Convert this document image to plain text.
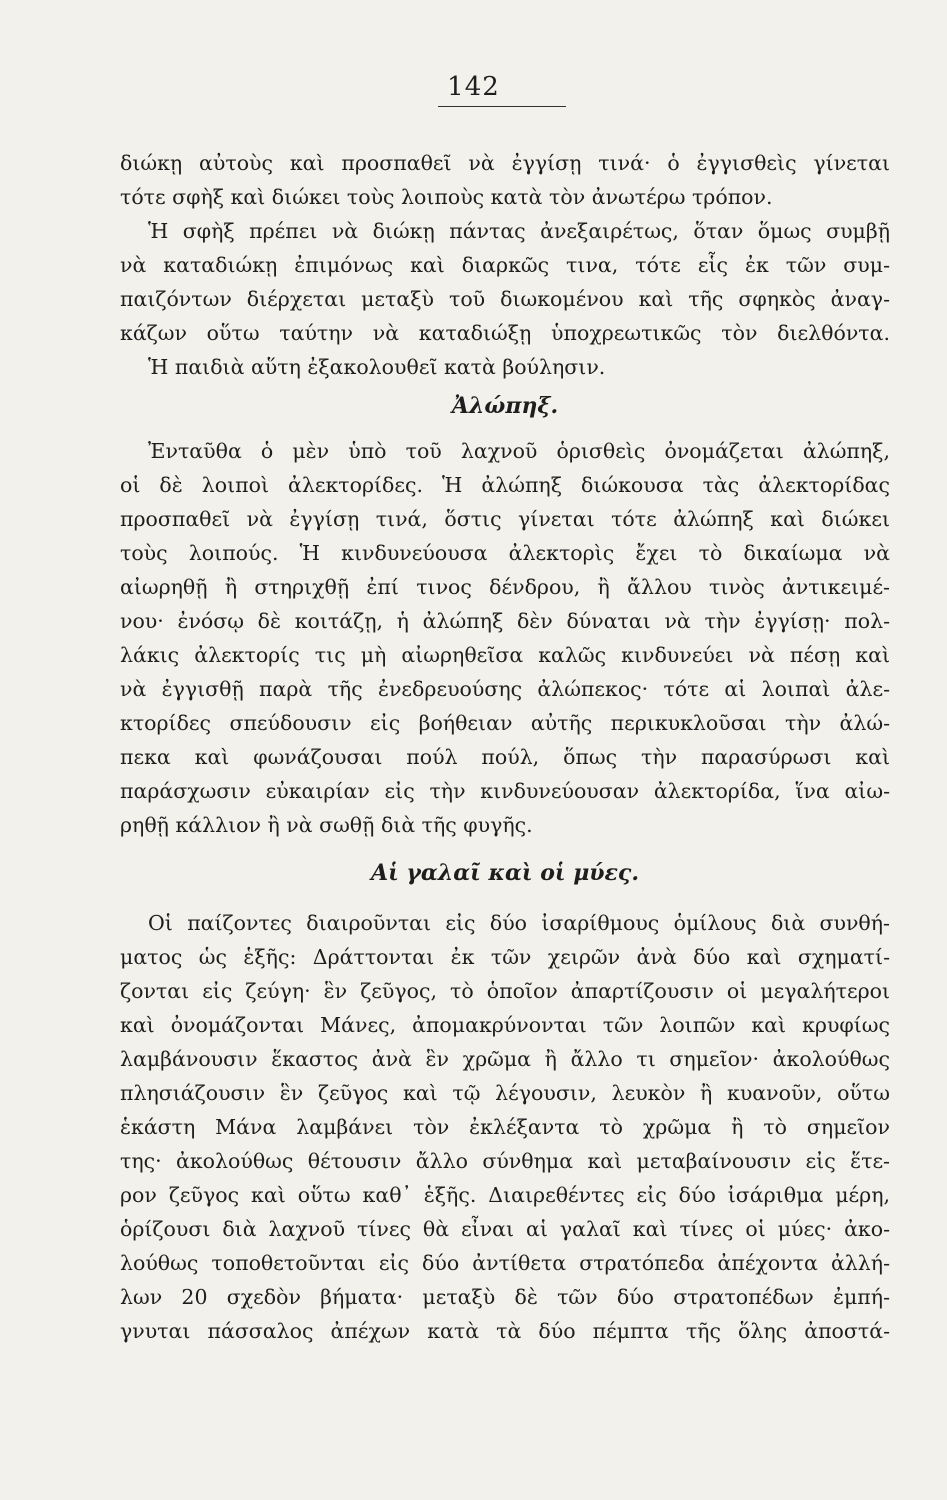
142
διώκῃ αὐτοὺς καὶ προσπαθεῖ νὰ ἐγγίσῃ τινά· ὁ ἐγγισθεὶς γίνεται
τότε σφὴξ καὶ διώκει τοὺς λοιποὺς κατὰ τὸν ἀνωτέρω τρόπον.
Ἡ σφὴξ πρέπει νὰ διώκῃ πάντας ἀνεξαιρέτως, ὅταν ὅμως συμβῇ
νὰ καταδιώκῃ ἐπιμόνως καὶ διαρκῶς τινα, τότε εἷς ἐκ τῶν συμ-
παιζόντων διέρχεται μεταξὺ τοῦ διωκομένου καὶ τῆς σφηκὸς ἀναγ-
κάζων οὕτω ταύτην νὰ καταδιώξῃ ὑποχρεωτικῶς τὸν διελθόντα.
Ἡ παιδιὰ αὕτη ἐξακολουθεῖ κατὰ βούλησιν.
Ἀλώπηξ.
Ἐνταῦθα ὁ μὲν ὑπὸ τοῦ λαχνοῦ ὁρισθεὶς ὀνομάζεται ἀλώπηξ,
οἱ δὲ λοιποὶ ἀλεκτορίδες. Ἡ ἀλώπηξ διώκουσα τὰς ἀλεκτορίδας
προσπαθεῖ νὰ ἐγγίσῃ τινά, ὅστις γίνεται τότε ἀλώπηξ καὶ διώκει
τοὺς λοιπούς. Ἡ κινδυνεύουσα ἀλεκτορὶς ἔχει τὸ δικαίωμα νὰ
αἰωρηθῇ ἢ στηριχθῇ ἐπί τινος δένδρου, ἢ ἄλλου τινὸς ἀντικειμέ-
νου· ἐνόσῳ δὲ κοιτάζῃ, ἡ ἀλώπηξ δὲν δύναται νὰ τὴν ἐγγίσῃ· πολ-
λάκις ἀλεκτορίς τις μὴ αἰωρηθεῖσα καλῶς κινδυνεύει νὰ πέσῃ καὶ
νὰ ἐγγισθῇ παρὰ τῆς ἐνεδρευούσης ἀλώπεκος· τότε αἱ λοιπαὶ ἀλε-
κτορίδες σπεύδουσιν εἰς βοήθειαν αὐτῆς περικυκλοῦσαι τὴν ἀλώ-
πεκα καὶ φωνάζουσαι πούλ πούλ, ὅπως τὴν παρασύρωσι καὶ
παράσχωσιν εὐκαιρίαν εἰς τὴν κινδυνεύουσαν ἀλεκτορίδα, ἵνα αἰω-
ρηθῇ κάλλιον ἢ νὰ σωθῇ διὰ τῆς φυγῆς.
Αἱ γαλαῖ καὶ οἱ μύες.
Οἱ παίζοντες διαιροῦνται εἰς δύο ἰσαρίθμους ὁμίλους διὰ συνθή-
ματος ὡς ἑξῆς: Δράττονται ἐκ τῶν χειρῶν ἀνὰ δύο καὶ σχηματί-
ζονται εἰς ζεύγη· ἓν ζεῦγος, τὸ ὁποῖον ἀπαρτίζουσιν οἱ μεγαλήτεροι
καὶ ὀνομάζονται Μάνες, ἀπομακρύνονται τῶν λοιπῶν καὶ κρυφίως
λαμβάνουσιν ἕκαστος ἀνὰ ἓν χρῶμα ἢ ἄλλο τι σημεῖον· ἀκολούθως
πλησιάζουσιν ἓν ζεῦγος καὶ τῷ λέγουσιν, λευκὸν ἢ κυανοῦν, οὕτω
ἑκάστη Μάνα λαμβάνει τὸν ἐκλέξαντα τὸ χρῶμα ἢ τὸ σημεῖον
της· ἀκολούθως θέτουσιν ἄλλο σύνθημα καὶ μεταβαίνουσιν εἰς ἕτε-
ρον ζεῦγος καὶ οὕτω καθ᾽ ἑξῆς. Διαιρεθέντες εἰς δύο ἰσάριθμα μέρη,
ὁρίζουσι διὰ λαχνοῦ τίνες θὰ εἶναι αἱ γαλαῖ καὶ τίνες οἱ μύες· ἀκο-
λούθως τοποθετοῦνται εἰς δύο ἀντίθετα στρατόπεδα ἀπέχοντα ἀλλή-
λων 20 σχεδὸν βήματα· μεταξὺ δὲ τῶν δύο στρατοπέδων ἐμπή-
γνυται πάσσαλος ἀπέχων κατὰ τὰ δύο πέμπτα τῆς ὅλης ἀποστά-
